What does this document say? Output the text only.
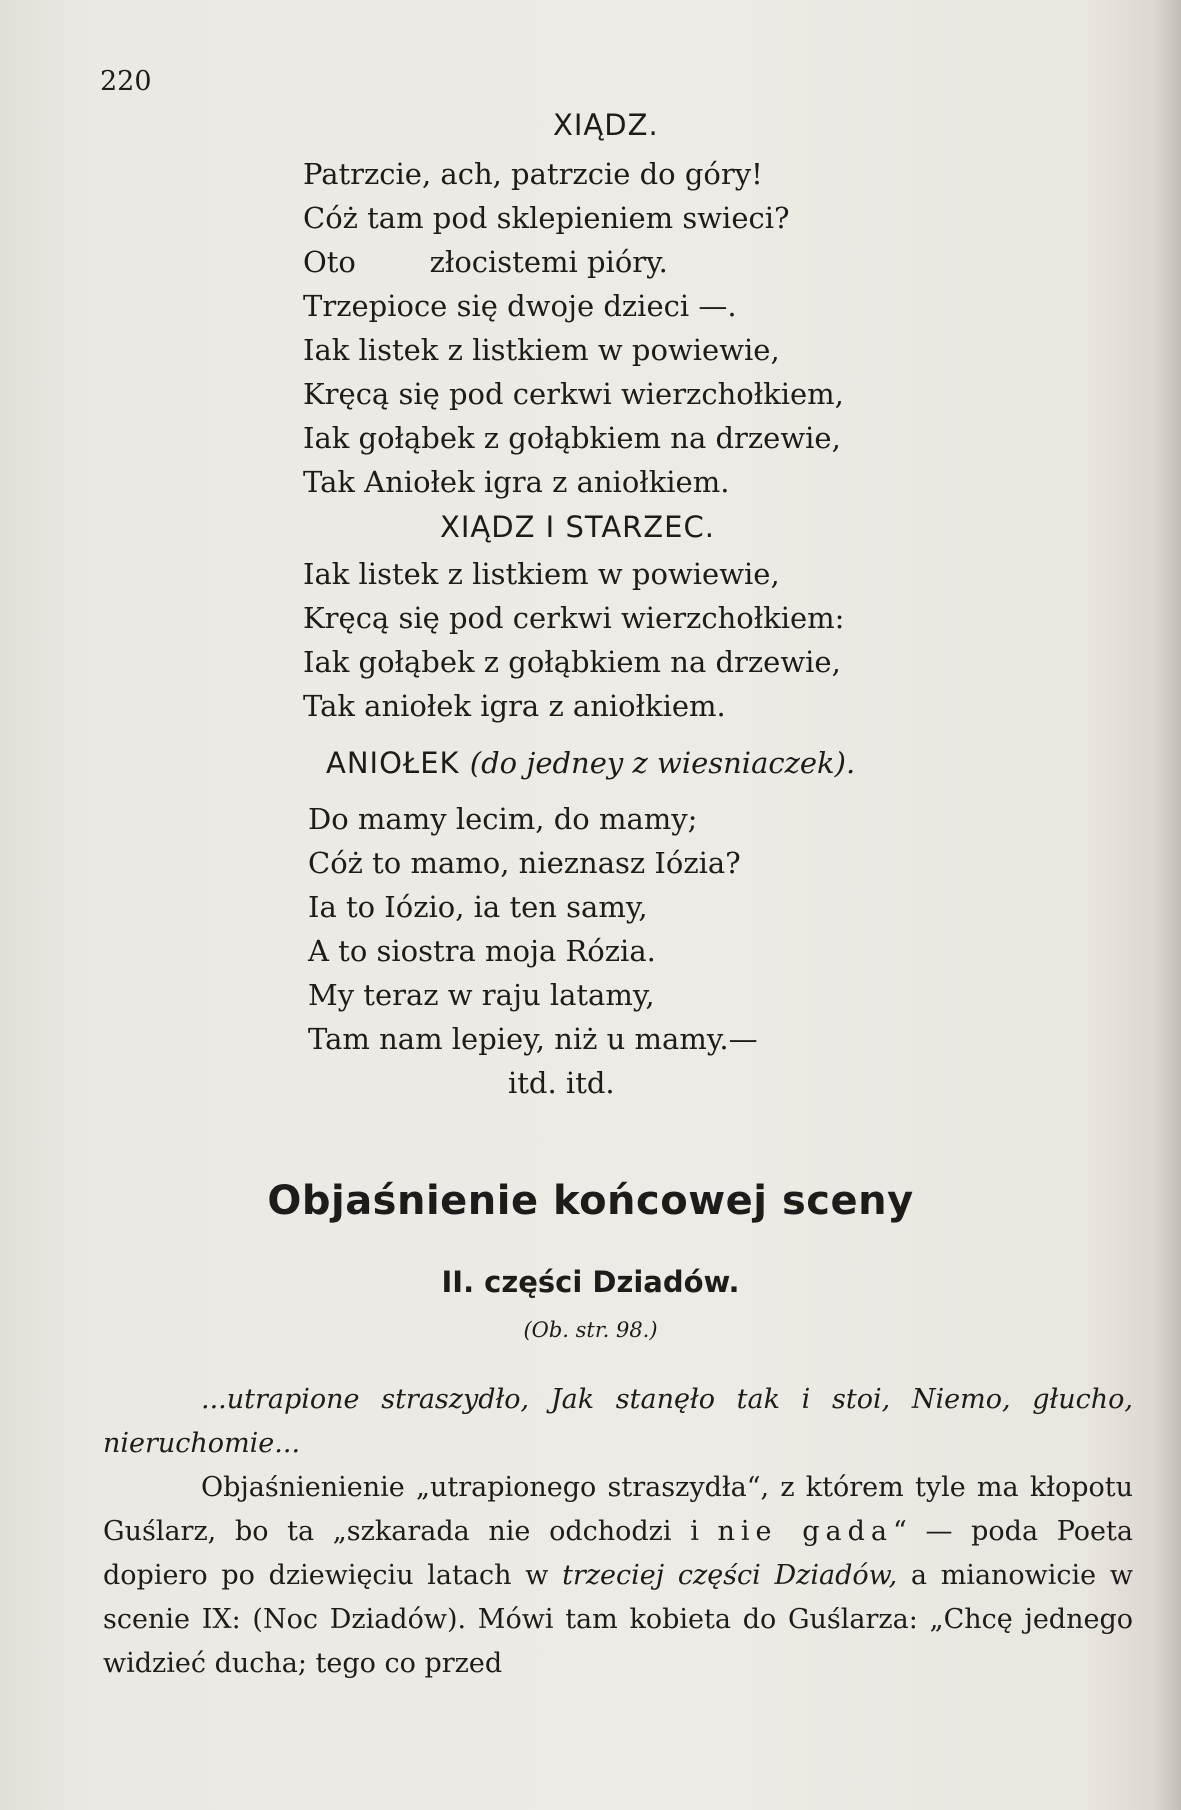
220
XIĄDZ.
Patrzcie, ach, patrzcie do góry!
Cóż tam pod sklepieniem swieci?
Oto        złocistemi pióry.
Trzepioce się dwoje dzieci —.
Iak listek z listkiem w powiewie,
Kręcą się pod cerkwi wierzchołkiem,
Iak gołąbek z gołąbkiem na drzewie,
Tak Aniołek igra z aniołkiem.
XIĄDZ I STARZEC.
Iak listek z listkiem w powiewie,
Kręcą się pod cerkwi wierzchołkiem:
Iak gołąbek z gołąbkiem na drzewie,
Tak aniołek igra z aniołkiem.
ANIOŁEK (do jedney z wiesniaczek).
Do mamy lecim, do mamy;
Cóż to mamo, nieznasz Iózia?
Ia to Iózio, ia ten samy,
A to siostra moja Rózia.
My teraz w raju latamy,
Tam nam lepiey, niż u mamy.—
itd. itd.
Objaśnienie końcowej sceny
II. części Dziadów.
(Ob. str. 98.)
...utrapione straszydło, Jak stanęło tak i stoi, Niemo, głucho, nieruchomie...
Objaśnienienie „utrapionego straszydła“, z którem tyle ma kłopotu Guślarz, bo ta „szkarada nie odchodzi i nie gada“ — poda Poeta dopiero po dziewięciu latach w trzeciej części Dziadów, a mianowicie w scenie IX: (Noc Dziadów). Mówi tam kobieta do Guślarza: „Chcę jednego widzieć ducha; tego co przed
